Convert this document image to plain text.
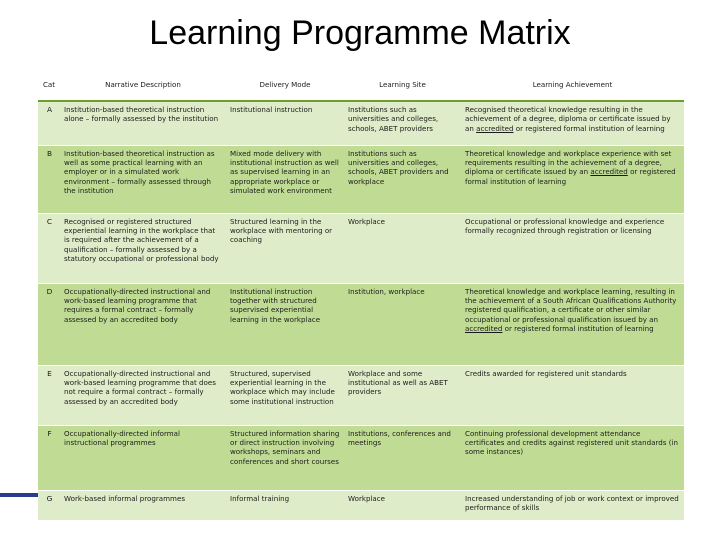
Learning Programme Matrix
Cat	Narrative Description	Delivery Mode	Learning Site	Learning Achievement
A	Institution-based theoretical instruction alone – formally assessed by the institution	Institutional instruction	Institutions such as universities and colleges, schools, ABET providers	Recognised theoretical knowledge resulting in the achievement of a degree, diploma or certificate issued by an accredited or registered formal institution of learning
B	Institution-based theoretical instruction as well as some practical learning with an employer or in a simulated work environment – formally assessed through the institution	Mixed mode delivery with institutional instruction as well as supervised learning in an appropriate workplace or simulated work environment	Institutions such as universities and colleges, schools, ABET providers and workplace	Theoretical knowledge and workplace experience with set requirements resulting in the achievement of a degree, diploma or certificate issued by an accredited or registered formal institution of learning
C	Recognised or registered structured experiential learning in the workplace that is required after the achievement of a qualification – formally assessed by a statutory occupational or professional body	Structured learning in the workplace with mentoring or coaching	Workplace	Occupational or professional knowledge and experience formally recognized through registration or licensing
D	Occupationally-directed instructional and work-based learning programme that requires a formal contract – formally assessed by an accredited body	Institutional instruction together with structured supervised experiential learning in the workplace	Institution, workplace	Theoretical knowledge and workplace learning, resulting in the achievement of a South African Qualifications Authority registered qualification, a certificate or other similar occupational or professional qualification issued by an accredited or registered formal institution of learning
E	Occupationally-directed instructional and work-based learning programme that does not require a formal contract – formally assessed by an accredited body	Structured, supervised experiential learning in the workplace which may include some institutional instruction	Workplace and some institutional as well as ABET providers	Credits awarded for registered unit standards
F	Occupationally-directed informal instructional programmes	Structured information sharing or direct instruction involving workshops, seminars and conferences and short courses	Institutions, conferences and meetings	Continuing professional development attendance certificates and credits against registered unit standards (in some instances)
G	Work-based informal programmes	Informal training	Workplace	Increased understanding of job or work context or improved performance of skills
